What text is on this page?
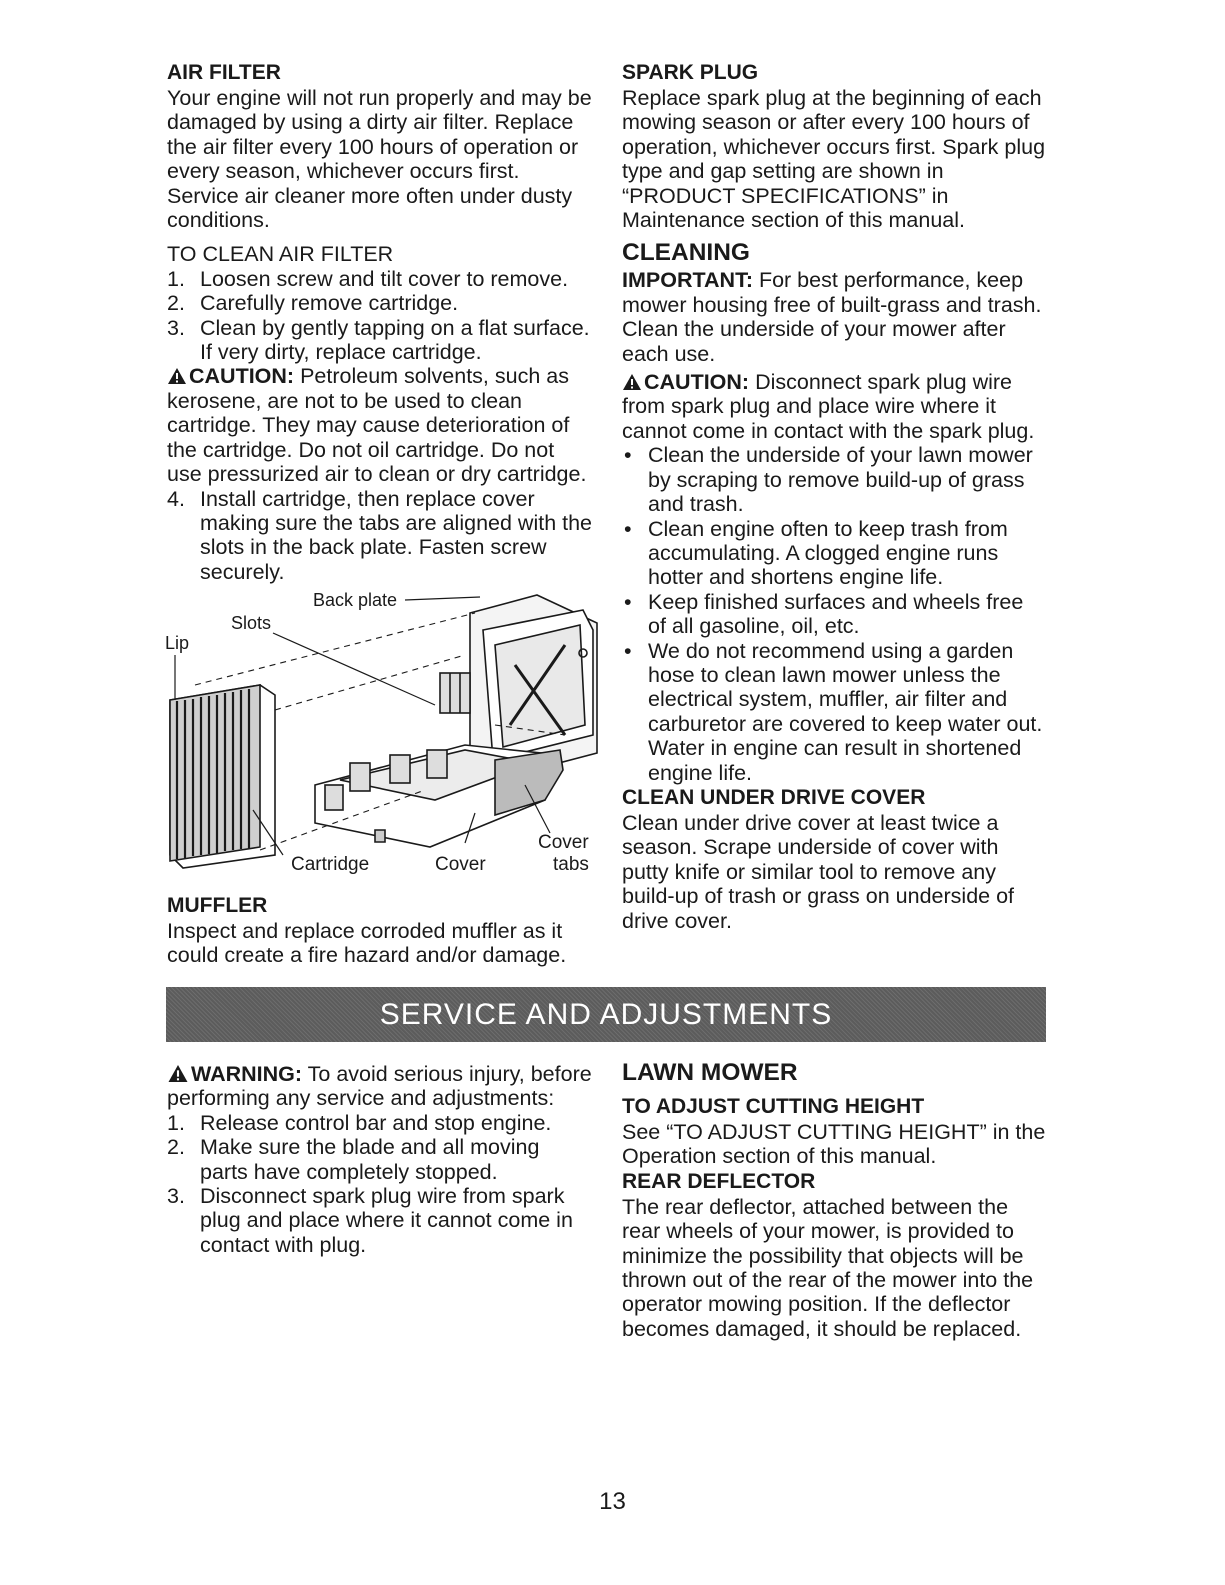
AIR FILTER

Your engine will not run properly and may be damaged by using a dirty air filter. Replace the air filter every 100 hours of operation or every season, whichever occurs first. Service air cleaner more often under dusty conditions.

TO CLEAN AIR FILTER

1. Loosen screw and tilt cover to remove.
2. Carefully remove cartridge.
3. Clean by gently tapping on a flat surface. If very dirty, replace cartridge.

CAUTION: Petroleum solvents, such as kerosene, are not to be used to clean cartridge. They may cause deterioration of the cartridge. Do not oil cartridge. Do not use pressurized air to clean or dry cartridge.

4. Install cartridge, then replace cover making sure the tabs are aligned with the slots in the back plate. Fasten screw securely.
Back plate
Slots
Lip
Cartridge	Cover
Cover
tabs

MUFFLER

Inspect and replace corroded muffler as it could create a fire hazard and/or damage.

SPARK PLUG

Replace spark plug at the beginning of each mowing season or after every 100 hours of operation, whichever occurs first. Spark plug type and gap setting are shown in “PRODUCT SPECIFICATIONS” in Maintenance section of this manual.

CLEANING

IMPORTANT: For best performance, keep mower housing free of built-grass and trash. Clean the underside of your mower after each use.

CAUTION: Disconnect spark plug wire from spark plug and place wire where it cannot come in contact with the spark plug.

• Clean the underside of your lawn mower by scraping to remove build-up of grass and trash.
• Clean engine often to keep trash from accumulating. A clogged engine runs hotter and shortens engine life.
• Keep finished surfaces and wheels free of all gasoline, oil, etc.
• We do not recommend using a garden hose to clean lawn mower unless the electrical system, muffler, air filter and carburetor are covered to keep water out. Water in engine can result in shortened engine life.

CLEAN UNDER DRIVE COVER

Clean under drive cover at least twice a season. Scrape underside of cover with putty knife or similar tool to remove any build-up of trash or grass on underside of drive cover.

SERVICE AND ADJUSTMENTS

WARNING: To avoid serious injury, before performing any service and adjustments:

1. Release control bar and stop engine.
2. Make sure the blade and all moving parts have completely stopped.
3. Disconnect spark plug wire from spark plug and place where it cannot come in contact with plug.

LAWN MOWER

TO ADJUST CUTTING HEIGHT

See “TO ADJUST CUTTING HEIGHT” in the Operation section of this manual.

REAR DEFLECTOR

The rear deflector, attached between the rear wheels of your mower, is provided to minimize the possibility that objects will be thrown out of the rear of the mower into the operator mowing position. If the deflector becomes damaged, it should be replaced.

13
